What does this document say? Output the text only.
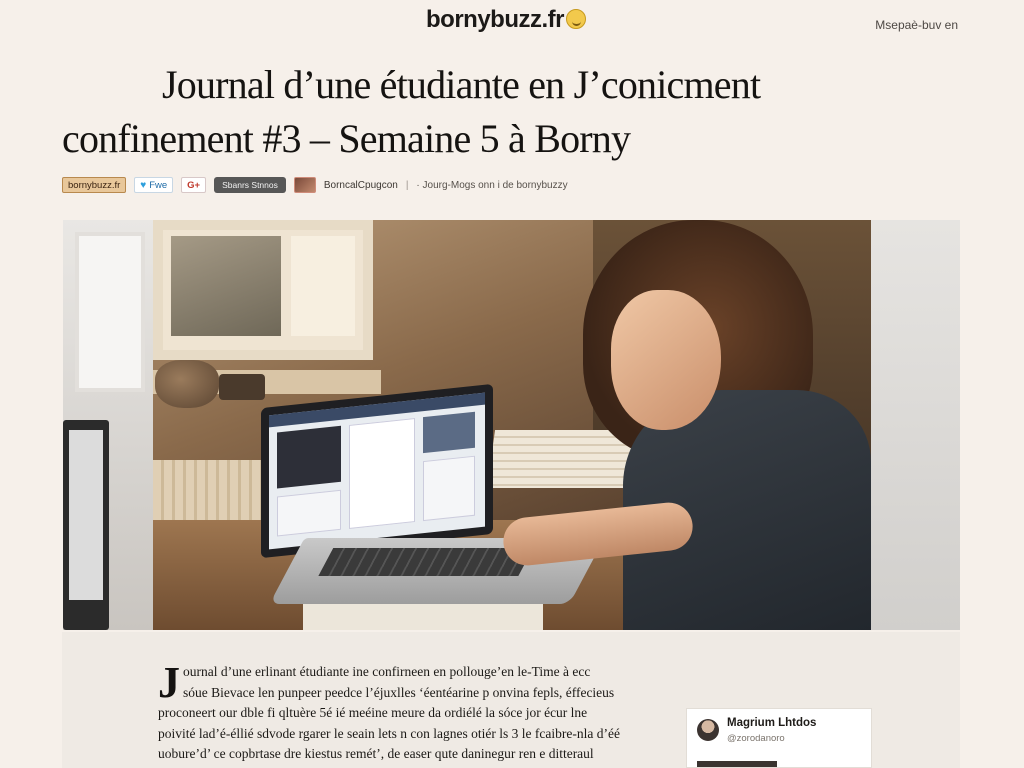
bornybuzz.fr	Msepaè-buv en
Journal d’une étudiante en J’conicment
confinement #3 – Semaine 5 à Borny
bornybuzz.fr ♥ Fwe G+	Sbanrs Stnnos	BorncalCpugcon | · Jourg-Mogs onn i de bornybuzzy
J ournal d’une erlinant étudiante ine confirneen en pollouge’en le-Time à ecc
sóue Bievace len punpeer peedce l’éjuxlles ‘éentéarine p onvina fepls, éffecieus
proconeert our dble fi qltuère 5é ié meéine meure da ordiélé la sóce jor écur lne
poivité lad’é-éllié sdvode rgarer le seain lets n con lagnes otiér ls 3 le fcaibre-nla d’éé
uobure’d’ ce copbrtase dre kiestus remét’, de easer qute daninegur ren e ditteraul
Magrium Lhtdos
@zorodanoro
